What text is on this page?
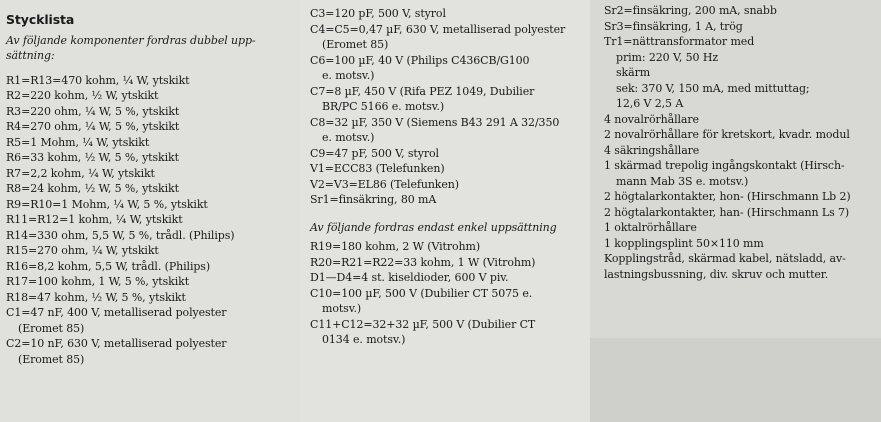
Stycklista
Av följande komponenter fordras dubbel upp-sättning:
R1=R13=470 kohm, ¼ W, ytskikt
R2=220 kohm, ½ W, ytskikt
R3=220 ohm, ¼ W, 5 %, ytskikt
R4=270 ohm, ¼ W, 5 %, ytskikt
R5=1 Mohm, ¼ W, ytskikt
R6=33 kohm, ½ W, 5 %, ytskikt
R7=2,2 kohm, ¼ W, ytskikt
R8=24 kohm, ½ W, 5 %, ytskikt
R9=R10=1 Mohm, ¼ W, 5 %, ytskikt
R11=R12=1 kohm, ¼ W, ytskikt
R14=330 ohm, 5,5 W, 5 %, trådl. (Philips)
R15=270 ohm, ¼ W, ytskikt
R16=8,2 kohm, 5,5 W, trådl. (Philips)
R17=100 kohm, 1 W, 5 %, ytskikt
R18=47 kohm, ½ W, 5 %, ytskikt
C1=47 nF, 400 V, metalliserad polyester
(Eromet 85)
C2=10 nF, 630 V, metalliserad polyester
(Eromet 85)
C3=120 pF, 500 V, styrol
C4=C5=0,47 µF, 630 V, metalliserad polyester
(Eromet 85)
C6=100 µF, 40 V (Philips C436CB/G100
e. motsv.)
C7=8 µF, 450 V (Rifa PEZ 1049, Dubilier
BR/PC 5166 e. motsv.)
C8=32 µF, 350 V (Siemens B43 291 A 32/350
e. motsv.)
C9=47 pF, 500 V, styrol
V1=ECC83 (Telefunken)
V2=V3=EL86 (Telefunken)
Sr1=finsäkring, 80 mA
Av följande fordras endast enkel uppsättning
R19=180 kohm, 2 W (Vitrohm)
R20=R21=R22=33 kohm, 1 W (Vitrohm)
D1—D4=4 st. kiseldioder, 600 V piv.
C10=100 µF, 500 V (Dubilier CT 5075 e.
motsv.)
C11+C12=32+32 µF, 500 V (Dubilier CT
0134 e. motsv.)
Sr2=finsäkring, 200 mA, snabb
Sr3=finsäkring, 1 A, trög
Tr1=nättransformator med
prim: 220 V, 50 Hz
skärm
sek: 370 V, 150 mA, med mittuttag;
12,6 V 2,5 A
4 novalrörhållare
2 novalrörhållare för kretskort, kvadr. modul
4 säkringshållare
1 skärmad trepolig ingångskontakt (Hirsch-
mann Mab 3S e. motsv.)
2 högtalarkontakter, hon- (Hirschmann Lb 2)
2 högtalarkontakter, han- (Hirschmann Ls 7)
1 oktalrörhållare
1 kopplingsplint 50×110 mm
Kopplingstråd, skärmad kabel, nätsladd, av-
lastningsbussning, div. skruv och mutter.
